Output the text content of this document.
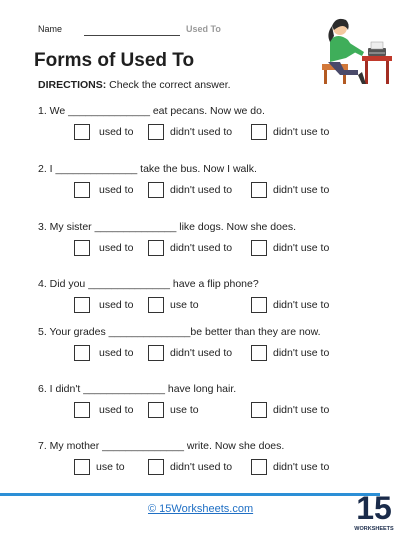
Name	Used To
Forms of Used To
DIRECTIONS: Check the correct answer.
1. We ______________ eat pecans. Now we do.
used to	didn't used to	didn't use to
2. I ______________ take the bus. Now I walk.
used to	didn't used to	didn't use to
3. My sister ______________ like dogs. Now she does.
used to	didn't used to	didn't use to
4. Did you ______________ have a flip phone?
used to	use to	didn't use to
5. Your grades ______________be better than they are now.
used to	didn't used to	didn't use to
6. I didn't ______________ have long hair.
used to	use to	didn't use to
7. My mother ______________ write. Now she does.
use to	didn't used to	didn't use to
© 15Worksheets.com	15
WORKSHEETS
